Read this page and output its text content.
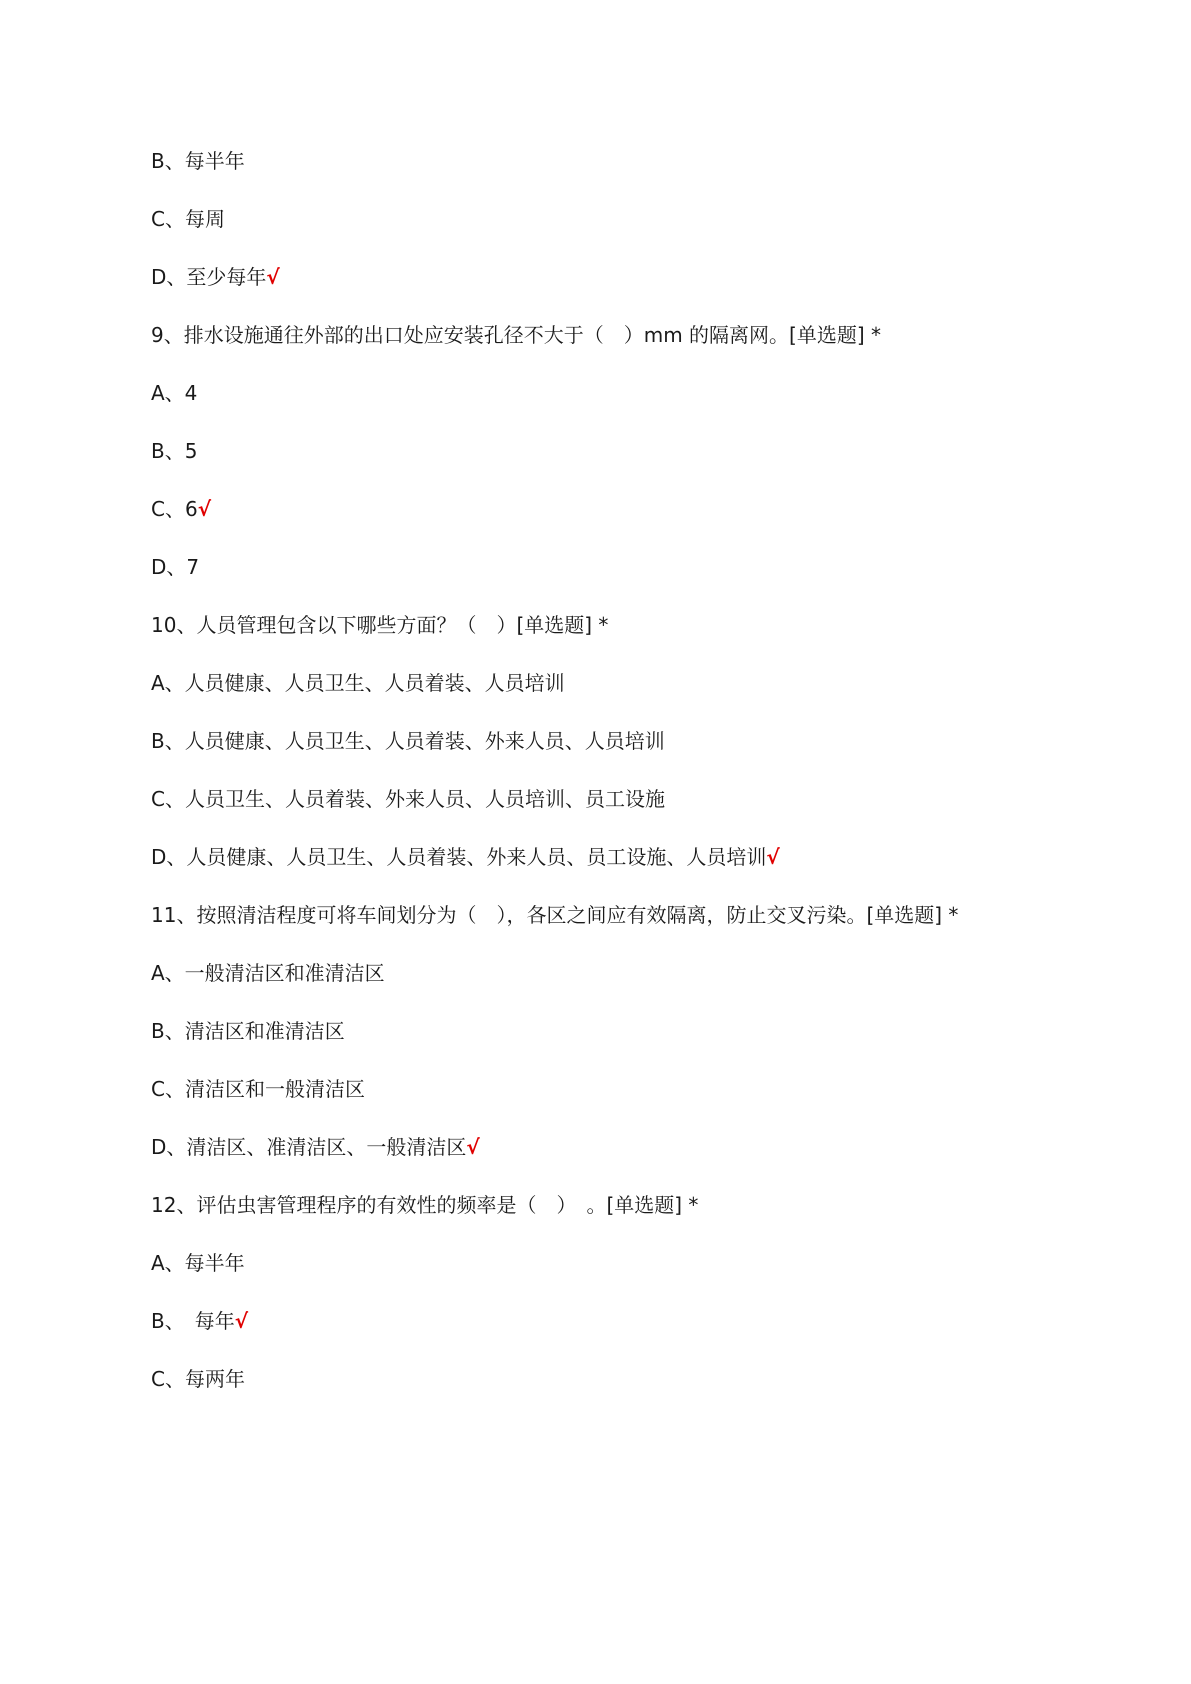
B、每半年
C、每周
D、至少每年√
9、排水设施通往外部的出口处应安装孔径不大于（　）mm 的隔离网。[单选题] *
A、4
B、5
C、6√
D、7
10、人员管理包含以下哪些方面？（　）[单选题] *
A、人员健康、人员卫生、人员着装、人员培训
B、人员健康、人员卫生、人员着装、外来人员、人员培训
C、人员卫生、人员着装、外来人员、人员培训、员工设施
D、人员健康、人员卫生、人员着装、外来人员、员工设施、人员培训√
11、按照清洁程度可将车间划分为（　），各区之间应有效隔离，防止交叉污染。[单选题] *
A、一般清洁区和准清洁区
B、清洁区和准清洁区
C、清洁区和一般清洁区
D、清洁区、准清洁区、一般清洁区√
12、评估虫害管理程序的有效性的频率是（　）　。[单选题] *
A、每半年
B、　每年√
C、每两年
